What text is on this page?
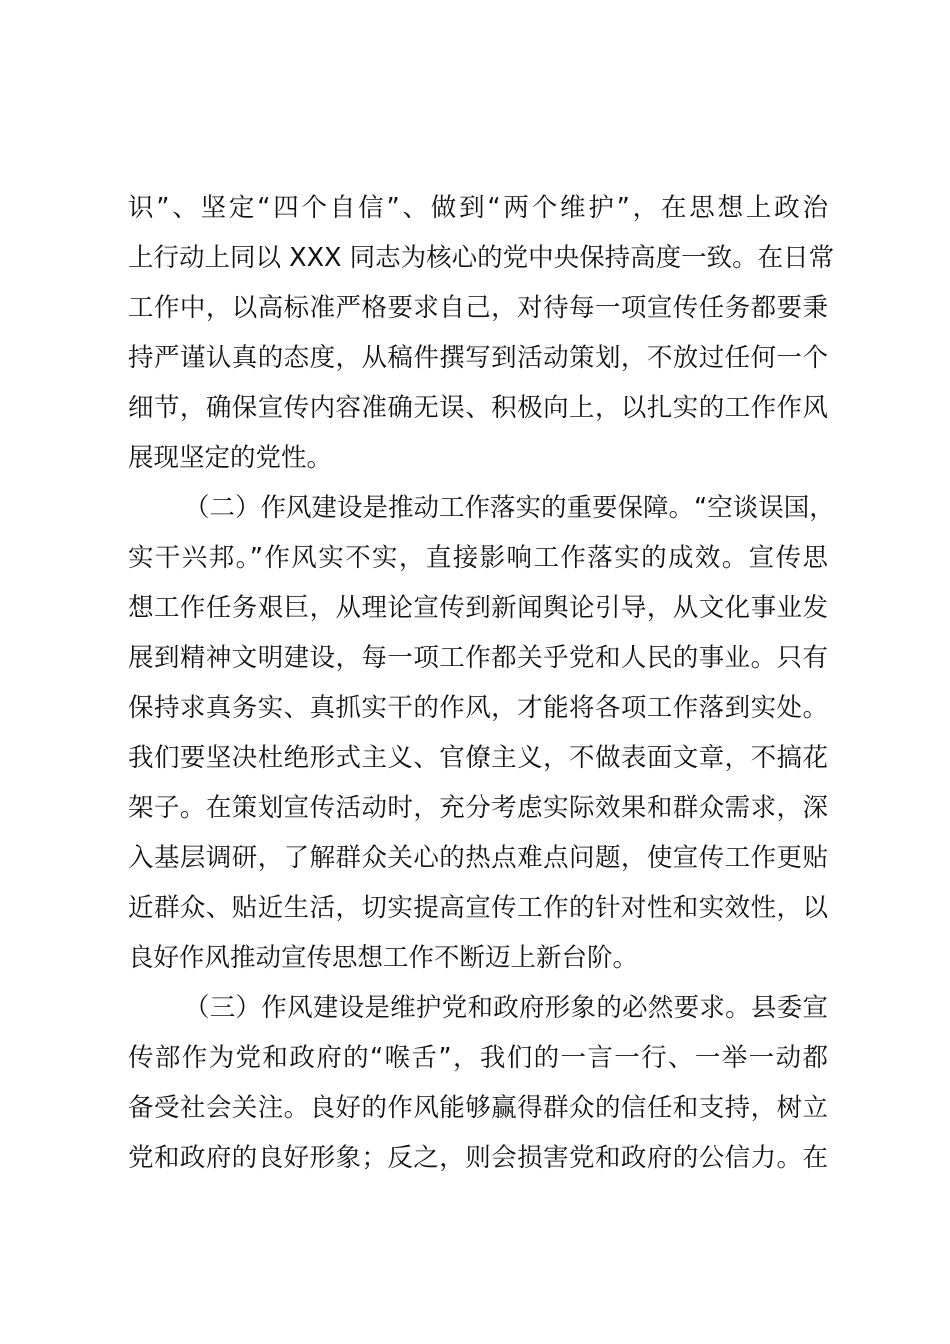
识”、坚定“四个自信”、做到“两个维护”，在思想上政治
上行动上同以 XXX 同志为核心的党中央保持高度一致。在日常
工作中，以高标准严格要求自己，对待每一项宣传任务都要秉
持严谨认真的态度，从稿件撰写到活动策划，不放过任何一个
细节，确保宣传内容准确无误、积极向上，以扎实的工作作风
展现坚定的党性。
（二）作风建设是推动工作落实的重要保障。“空谈误国，
实干兴邦。”作风实不实，直接影响工作落实的成效。宣传思
想工作任务艰巨，从理论宣传到新闻舆论引导，从文化事业发
展到精神文明建设，每一项工作都关乎党和人民的事业。只有
保持求真务实、真抓实干的作风，才能将各项工作落到实处。
我们要坚决杜绝形式主义、官僚主义，不做表面文章，不搞花
架子。在策划宣传活动时，充分考虑实际效果和群众需求，深
入基层调研，了解群众关心的热点难点问题，使宣传工作更贴
近群众、贴近生活，切实提高宣传工作的针对性和实效性，以
良好作风推动宣传思想工作不断迈上新台阶。
（三）作风建设是维护党和政府形象的必然要求。县委宣
传部作为党和政府的“喉舌”，我们的一言一行、一举一动都
备受社会关注。良好的作风能够赢得群众的信任和支持，树立
党和政府的良好形象；反之，则会损害党和政府的公信力。在
